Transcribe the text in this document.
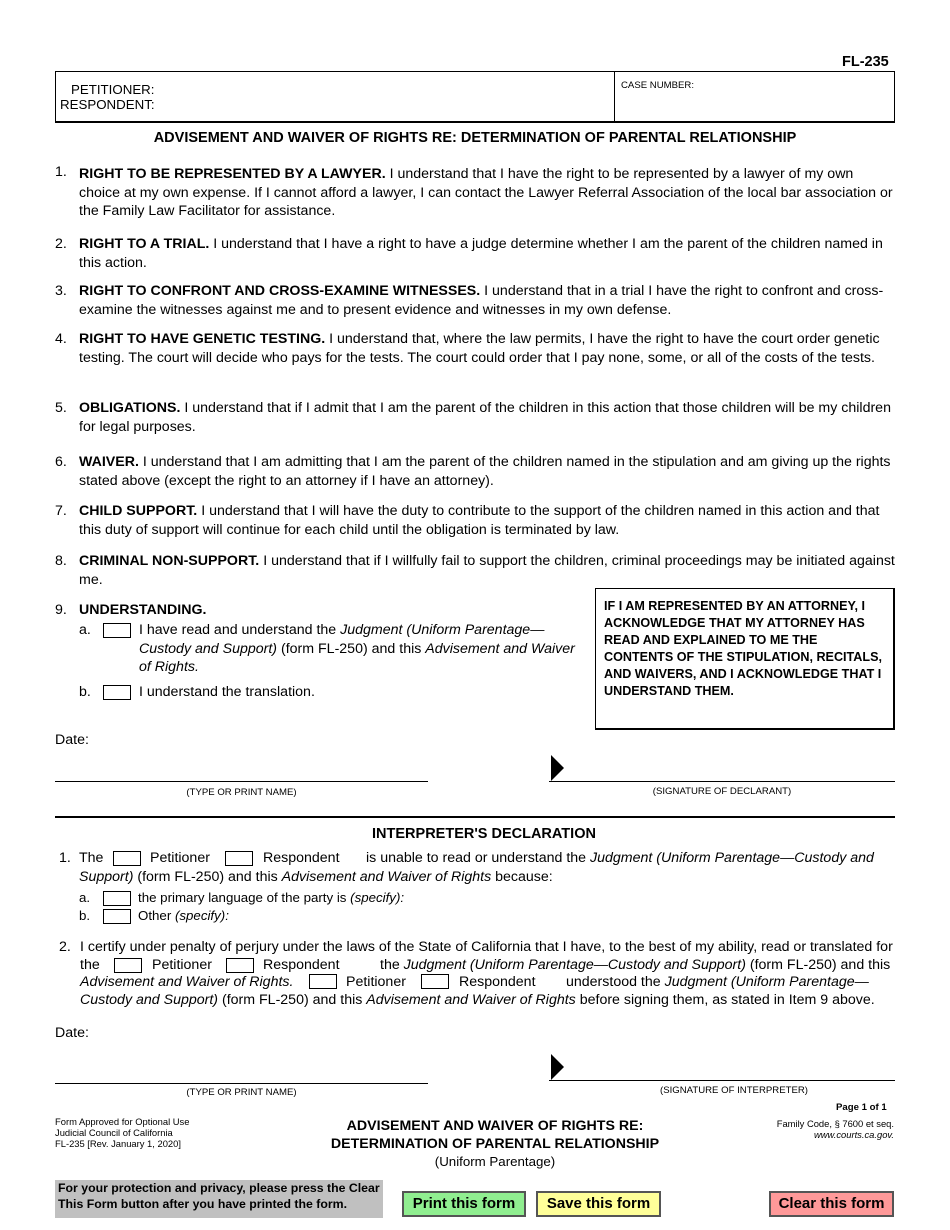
FL-235
PETITIONER:
RESPONDENT:
CASE NUMBER:
ADVISEMENT AND WAIVER OF RIGHTS RE: DETERMINATION OF PARENTAL RELATIONSHIP
1. RIGHT TO BE REPRESENTED BY A LAWYER. I understand that I have the right to be represented by a lawyer of my own choice at my own expense. If I cannot afford a lawyer, I can contact the Lawyer Referral Association of the local bar association or the Family Law Facilitator for assistance.
2. RIGHT TO A TRIAL. I understand that I have a right to have a judge determine whether I am the parent of the children named in this action.
3. RIGHT TO CONFRONT AND CROSS-EXAMINE WITNESSES. I understand that in a trial I have the right to confront and cross-examine the witnesses against me and to present evidence and witnesses in my own defense.
4. RIGHT TO HAVE GENETIC TESTING. I understand that, where the law permits, I have the right to have the court order genetic testing. The court will decide who pays for the tests. The court could order that I pay none, some, or all of the costs of the tests.
5. OBLIGATIONS. I understand that if I admit that I am the parent of the children in this action that those children will be my children for legal purposes.
6. WAIVER. I understand that I am admitting that I am the parent of the children named in the stipulation and am giving up the rights stated above (except the right to an attorney if I have an attorney).
7. CHILD SUPPORT. I understand that I will have the duty to contribute to the support of the children named in this action and that this duty of support will continue for each child until the obligation is terminated by law.
8. CRIMINAL NON-SUPPORT. I understand that if I willfully fail to support the children, criminal proceedings may be initiated against me.
9. UNDERSTANDING.
a.	I have read and understand the Judgment (Uniform Parentage—Custody and Support) (form FL-250) and this Advisement and Waiver of Rights.
b.	I understand the translation.
IF I AM REPRESENTED BY AN ATTORNEY, I ACKNOWLEDGE THAT MY ATTORNEY HAS READ AND EXPLAINED TO ME THE CONTENTS OF THE STIPULATION, RECITALS, AND WAIVERS, AND I ACKNOWLEDGE THAT I UNDERSTAND THEM.
Date:
(TYPE OR PRINT NAME)	(SIGNATURE OF DECLARANT)
INTERPRETER'S DECLARATION
1. The	Petitioner	Respondent	is unable to read or understand the Judgment (Uniform Parentage—Custody and Support) (form FL-250) and this Advisement and Waiver of Rights because:
a.	the primary language of the party is (specify):
b.	Other (specify):
2. I certify under penalty of perjury under the laws of the State of California that I have, to the best of my ability, read or translated for
the	Petitioner	Respondent	the Judgment (Uniform Parentage—Custody and Support) (form FL-250) and this
Advisement and Waiver of Rights.	Petitioner	Respondent understood the Judgment (Uniform Parentage—
Custody and Support) (form FL-250) and this Advisement and Waiver of Rights before signing them, as stated in Item 9 above.
Date:
(TYPE OR PRINT NAME)	(SIGNATURE OF INTERPRETER)
Page 1 of 1
Form Approved for Optional Use
Judicial Council of California
FL-235 [Rev. January 1, 2020]
ADVISEMENT AND WAIVER OF RIGHTS RE:
DETERMINATION OF PARENTAL RELATIONSHIP
(Uniform Parentage)
Family Code, § 7600 et seq.
www.courts.ca.gov.
For your protection and privacy, please press the Clear This Form button after you have printed the form.	Print this form	Save this form	Clear this form
